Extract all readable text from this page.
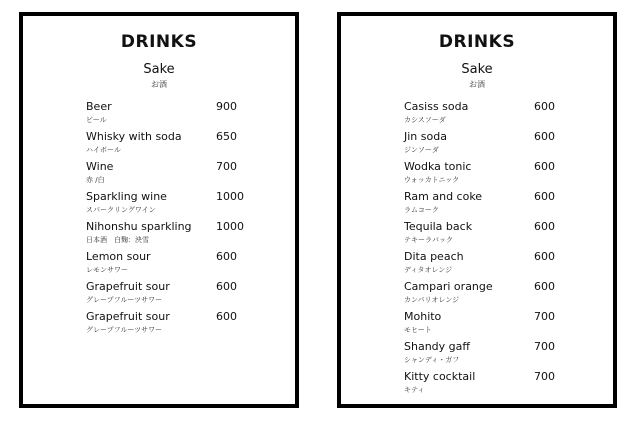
DRINKS
Sake
お酒
Beer
ビール
900
Whisky with soda
ハイボール
650
Wine
赤 /白
700
Sparkling wine
スパークリングワイン
1000
Nihonshu sparkling
日本酒　白麴：泱雪
1000
Lemon sour
レモンサワー
600
Grapefruit sour
グレープフルーツサワー
600
Grapefruit sour
グレープフルーツサワー
600
DRINKS
Sake
お酒
Casiss soda
カシスソーダ
600
Jin soda
ジンソーダ
600
Wodka tonic
ウォッカトニック
600
Ram and coke
ラムコーク
600
Tequila back
テキーラバック
600
Dita peach
ディタオレンジ
600
Campari orange
カンパリオレンジ
600
Mohito
モヒート
700
Shandy gaff
シャンディ・ガフ
700
Kitty cocktail
キティ
700
